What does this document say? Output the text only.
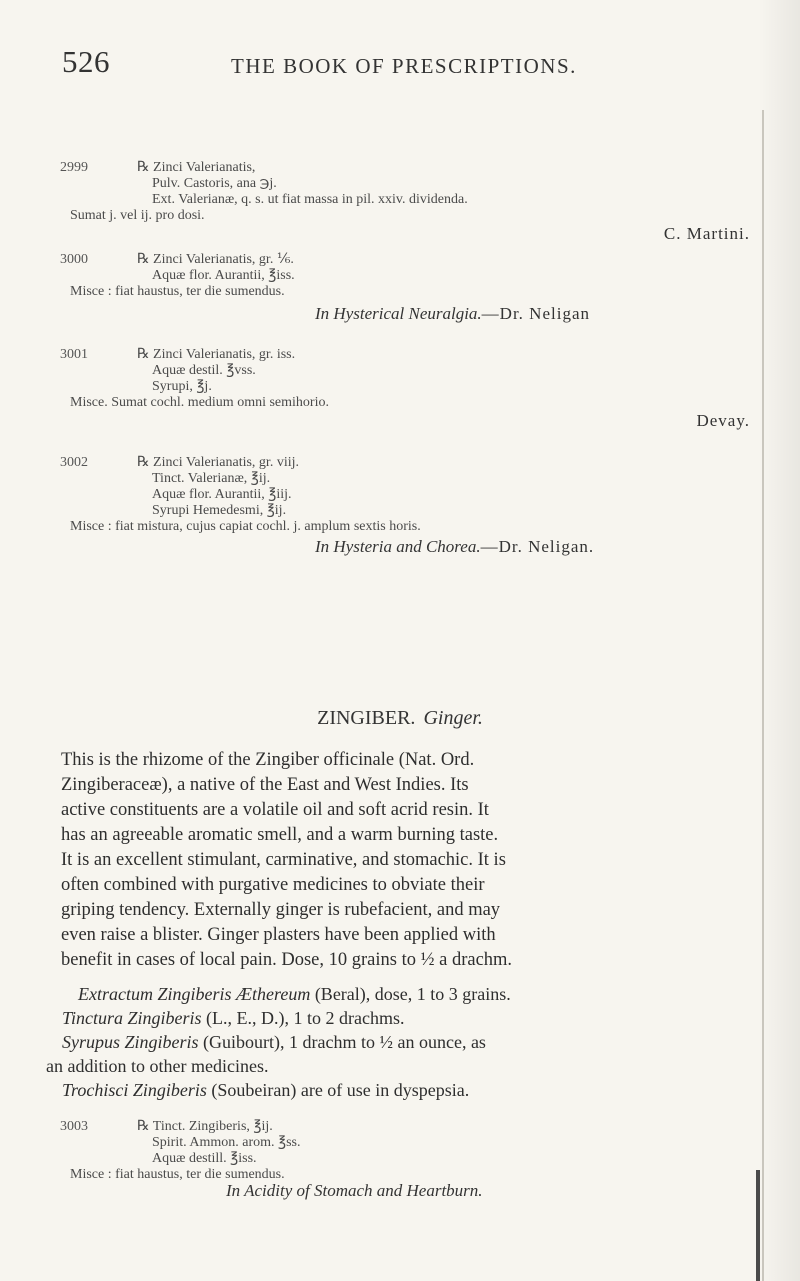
526	THE BOOK OF PRESCRIPTIONS.
2999	℞ Zinci Valerianatis,
Pulv. Castoris, ana ℈j.
Ext. Valerianæ, q. s. ut fiat massa in pil. xxiv. dividenda.
Sumat j. vel ij. pro dosi.
C. Martini.
3000	℞ Zinci Valerianatis, gr. ⅙.
Aquæ flor. Aurantii, ℥iss.
Misce : fiat haustus, ter die sumendus.
In Hysterical Neuralgia.—Dr. Neligan
3001	℞ Zinci Valerianatis, gr. iss.
Aquæ destil. ℥vss.
Syrupi, ℥j.
Misce. Sumat cochl. medium omni semihorio.
Devay.
3002	℞ Zinci Valerianatis, gr. viij.
Tinct. Valerianæ, ℥ij.
Aquæ flor. Aurantii, ℥iij.
Syrupi Hemedesmi, ℥ij.
Misce : fiat mistura, cujus capiat cochl. j. amplum sextis horis.
In Hysteria and Chorea.—Dr. Neligan.
ZINGIBER. Ginger.
This is the rhizome of the Zingiber officinale (Nat. Ord.
Zingiberaceæ), a native of the East and West Indies. Its
active constituents are a volatile oil and soft acrid resin. It
has an agreeable aromatic smell, and a warm burning taste.
It is an excellent stimulant, carminative, and stomachic. It is
often combined with purgative medicines to obviate their
griping tendency. Externally ginger is rubefacient, and may
even raise a blister. Ginger plasters have been applied with
benefit in cases of local pain. Dose, 10 grains to ½ a drachm.
Extractum Zingiberis Æthereum (Beral), dose, 1 to 3 grains.
Tinctura Zingiberis (L., E., D.), 1 to 2 drachms.
Syrupus Zingiberis (Guibourt), 1 drachm to ½ an ounce, as
an addition to other medicines.
Trochisci Zingiberis (Soubeiran) are of use in dyspepsia.
3003	℞ Tinct. Zingiberis, ℥ij.
Spirit. Ammon. arom. ℥ss.
Aquæ destill. ℥iss.
Misce : fiat haustus, ter die sumendus.
In Acidity of Stomach and Heartburn.
